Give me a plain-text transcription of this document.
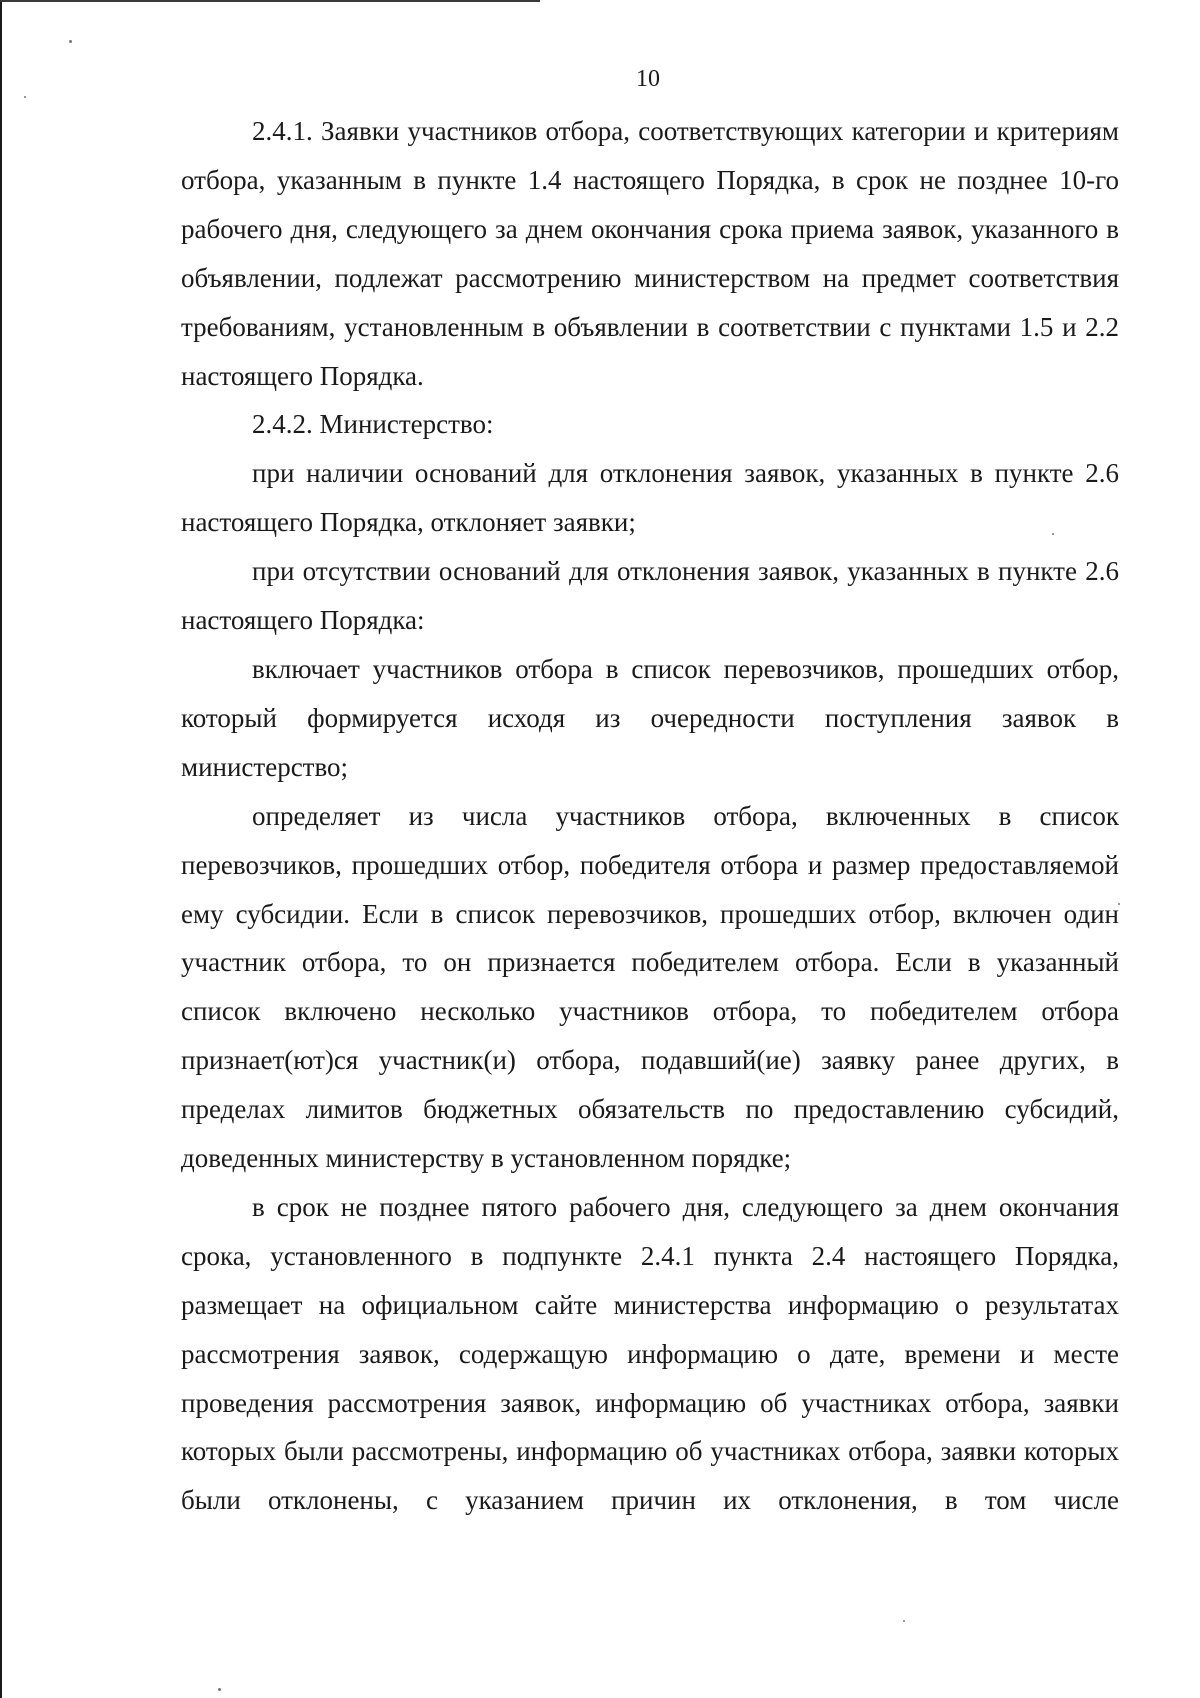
10

2.4.1. Заявки участников отбора, соответствующих категории и критериям отбора, указанным в пункте 1.4 настоящего Порядка, в срок не позднее 10-го рабочего дня, следующего за днем окончания срока приема заявок, указанного в объявлении, подлежат рассмотрению министерством на предмет соответствия требованиям, установленным в объявлении в соответствии с пунктами 1.5 и 2.2 настоящего Порядка.

2.4.2. Министерство:

при наличии оснований для отклонения заявок, указанных в пункте 2.6 настоящего Порядка, отклоняет заявки;

при отсутствии оснований для отклонения заявок, указанных в пункте 2.6 настоящего Порядка:

включает участников отбора в список перевозчиков, прошедших отбор, который формируется исходя из очередности поступления заявок в министерство;

определяет из числа участников отбора, включенных в список перевозчиков, прошедших отбор, победителя отбора и размер предоставляемой ему субсидии. Если в список перевозчиков, прошедших отбор, включен один участник отбора, то он признается победителем отбора. Если в указанный список включено несколько участников отбора, то победителем отбора признает(ют)ся участник(и) отбора, подавший(ие) заявку ранее других, в пределах лимитов бюджетных обязательств по предоставлению субсидий, доведенных министерству в установленном порядке;

в срок не позднее пятого рабочего дня, следующего за днем окончания срока, установленного в подпункте 2.4.1 пункта 2.4 настоящего Порядка, размещает на официальном сайте министерства информацию о результатах рассмотрения заявок, содержащую информацию о дате, времени и месте проведения рассмотрения заявок, информацию об участниках отбора, заявки которых были рассмотрены, информацию об участниках отбора, заявки которых были отклонены, с указанием причин их отклонения, в том числе
